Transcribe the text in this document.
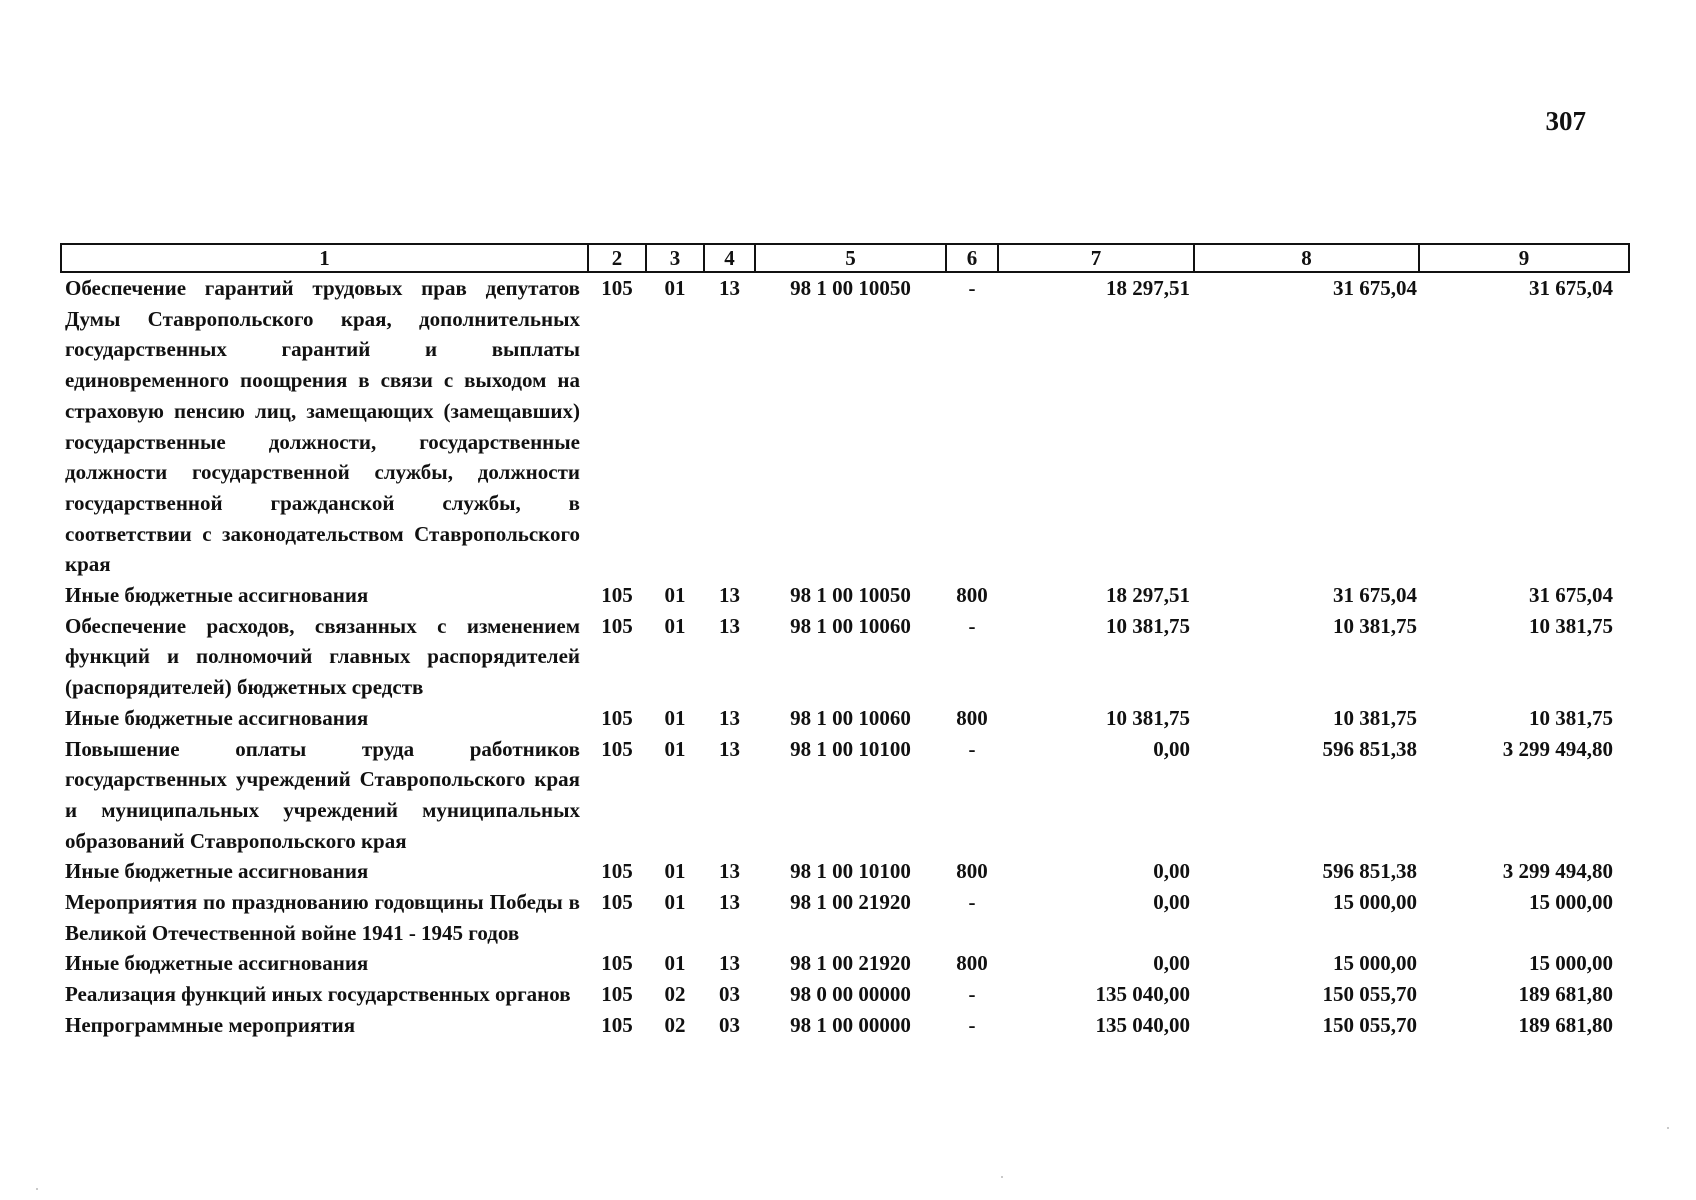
307
1	2	3	4	5	6	7	8	9
Обеспечение гарантий трудовых прав депутатов Думы Ставропольского края, дополнительных государственных гарантий и выплаты единовременного поощрения в связи с выходом на страховую пенсию лиц, замещающих (замещавших) государственные должности, государственные должности государственной службы, должности государственной гражданской службы, в соответствии с законодательством Ставропольского края	105	01	13	98 1 00 10050	-	18 297,51	31 675,04	31 675,04
Иные бюджетные ассигнования	105	01	13	98 1 00 10050	800	18 297,51	31 675,04	31 675,04
Обеспечение расходов, связанных с изменением функций и полномочий главных распорядителей (распорядителей) бюджетных средств	105	01	13	98 1 00 10060	-	10 381,75	10 381,75	10 381,75
Иные бюджетные ассигнования	105	01	13	98 1 00 10060	800	10 381,75	10 381,75	10 381,75
Повышение оплаты труда работников государственных учреждений Ставропольского края и муниципальных учреждений муниципальных образований Ставропольского края	105	01	13	98 1 00 10100	-	0,00	596 851,38	3 299 494,80
Иные бюджетные ассигнования	105	01	13	98 1 00 10100	800	0,00	596 851,38	3 299 494,80
Мероприятия по празднованию годовщины Победы в Великой Отечественной войне 1941 - 1945 годов	105	01	13	98 1 00 21920	-	0,00	15 000,00	15 000,00
Иные бюджетные ассигнования	105	01	13	98 1 00 21920	800	0,00	15 000,00	15 000,00
Реализация функций иных государственных органов	105	02	03	98 0 00 00000	-	135 040,00	150 055,70	189 681,80
Непрограммные мероприятия	105	02	03	98 1 00 00000	-	135 040,00	150 055,70	189 681,80
